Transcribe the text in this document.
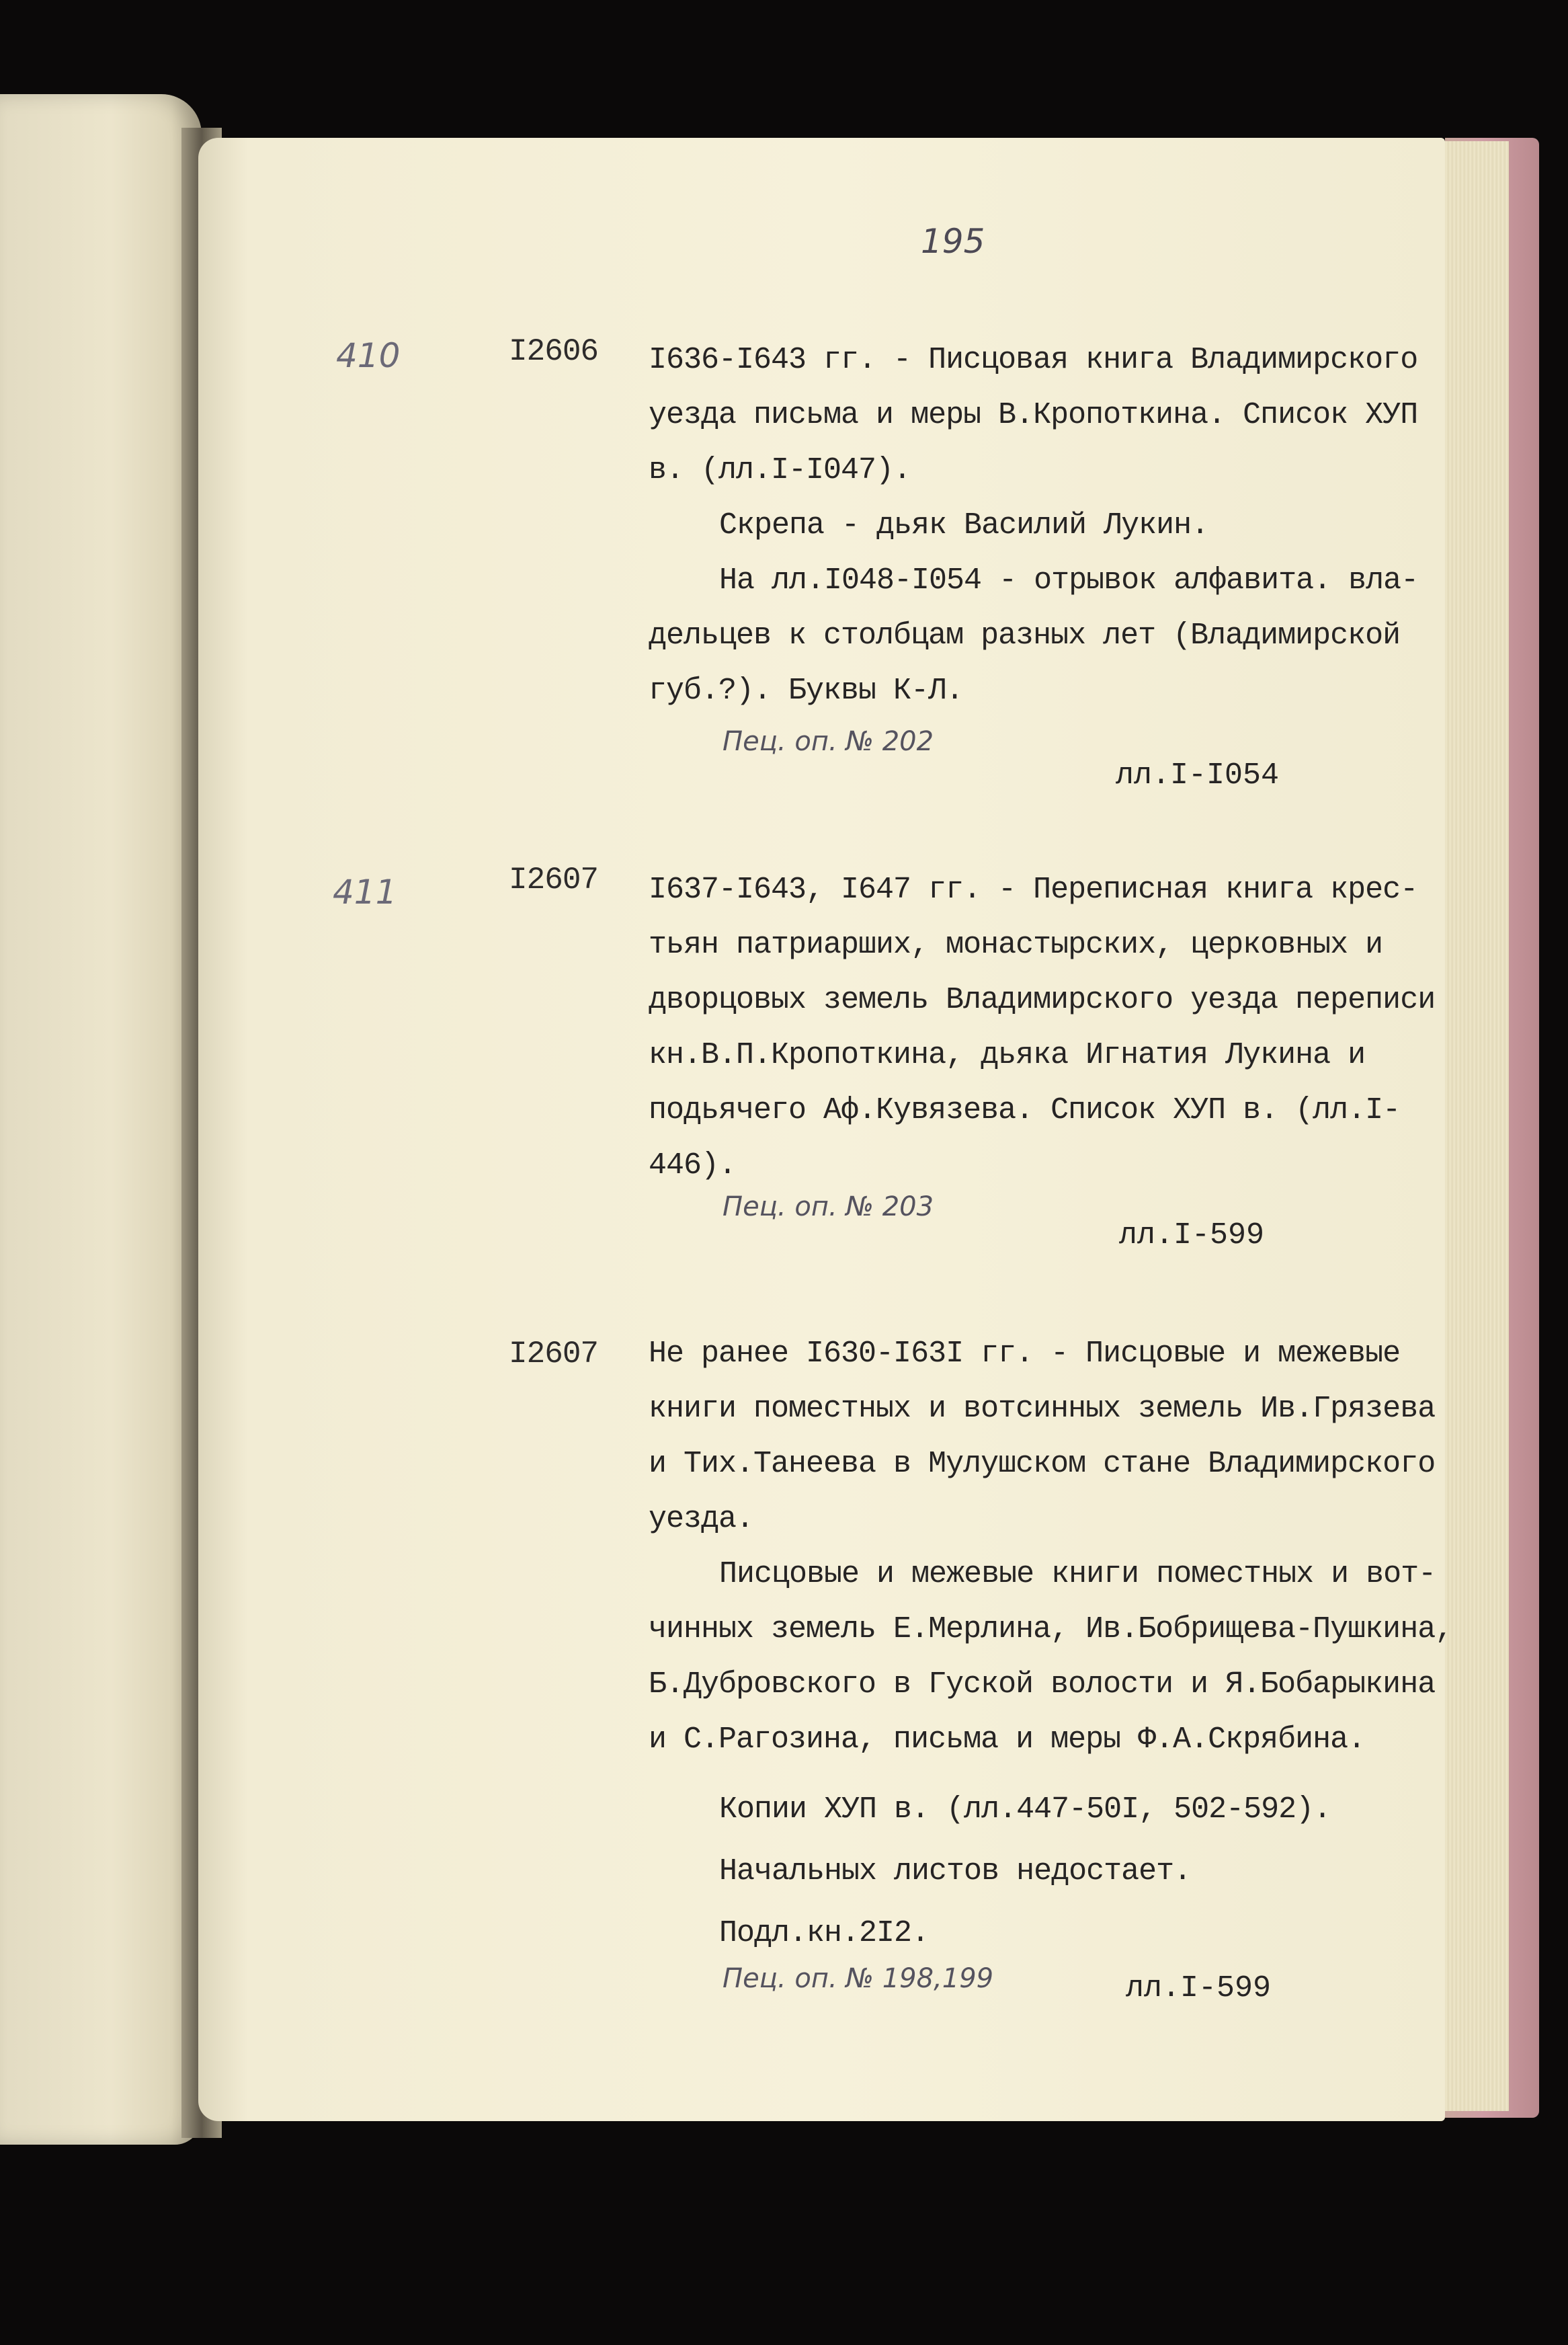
195
410	I2606 I636-I643 гг. - Писцовая книга Владимирского
уезда письма и меры В.Кропоткина. Список ХУП
в. (лл.I-I047).
Скрепа - дьяк Василий Лукин.
На лл.I048-I054 - отрывок алфавита. вла-
дельцев к столбцам разных лет (Владимирской
губ.?). Буквы К-Л.
Пец. оп. № 202
лл.I-I054
411	I2607 I637-I643, I647 гг. - Переписная книга крес-
тьян патриарших, монастырских, церковных и
дворцовых земель Владимирского уезда переписи
кн.В.П.Кропоткина, дьяка Игнатия Лукина и
подьячего Аф.Кувязева. Список ХУП в. (лл.I-
446).
Пец. оп. № 203
лл.I-599
I2607 Не ранее I630-I63I гг. - Писцовые и межевые
книги поместных и вотсинных земель Ив.Грязева
и Тих.Танеева в Мулушском стане Владимирского
уезда.
Писцовые и межевые книги поместных и вот-
чинных земель Е.Мерлина, Ив.Бобрищева-Пушкина,
Б.Дубровского в Гуской волости и Я.Бобарыкина
и С.Рагозина, письма и меры Ф.А.Скрябина.
Копии ХУП в. (лл.447-50I, 502-592).
Начальных листов недостает.
Подл.кн.2I2.
Пец. оп. № 198,199	лл.I-599
